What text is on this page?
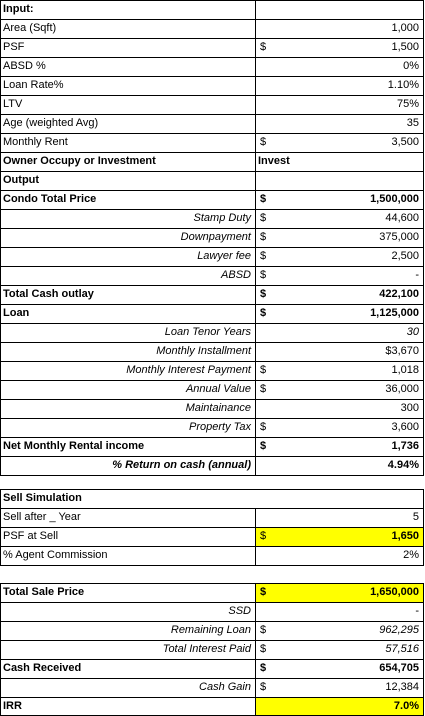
Input:
Area (Sqft)	1,000
PSF	$	1,500
ABSD %	0%
Loan Rate%	1.10%
LTV	75%
Age (weighted Avg)	35
Monthly Rent	$	3,500
Owner Occupy or Investment	Invest
Output
Condo Total Price	$	1,500,000
Stamp Duty $	44,600
Downpayment $	375,000
Lawyer fee $	2,500
ABSD $	-
Total Cash outlay	$	422,100
Loan	$	1,125,000
Loan Tenor Years	30
Monthly Installment	$3,670
Monthly Interest Payment $	1,018
Annual Value $	36,000
Maintainance	300
Property Tax $	3,600
Net Monthly Rental income	$	1,736
% Return on cash (annual)	4.94%
Sell Simulation
Sell after _ Year	5
PSF at Sell	$	1,650
% Agent Commission	2%
Total Sale Price	$	1,650,000
SSD	-
Remaining Loan $	962,295
Total Interest Paid $	57,516
Cash Received	$	654,705
Cash Gain $	12,384
IRR	7.0%
